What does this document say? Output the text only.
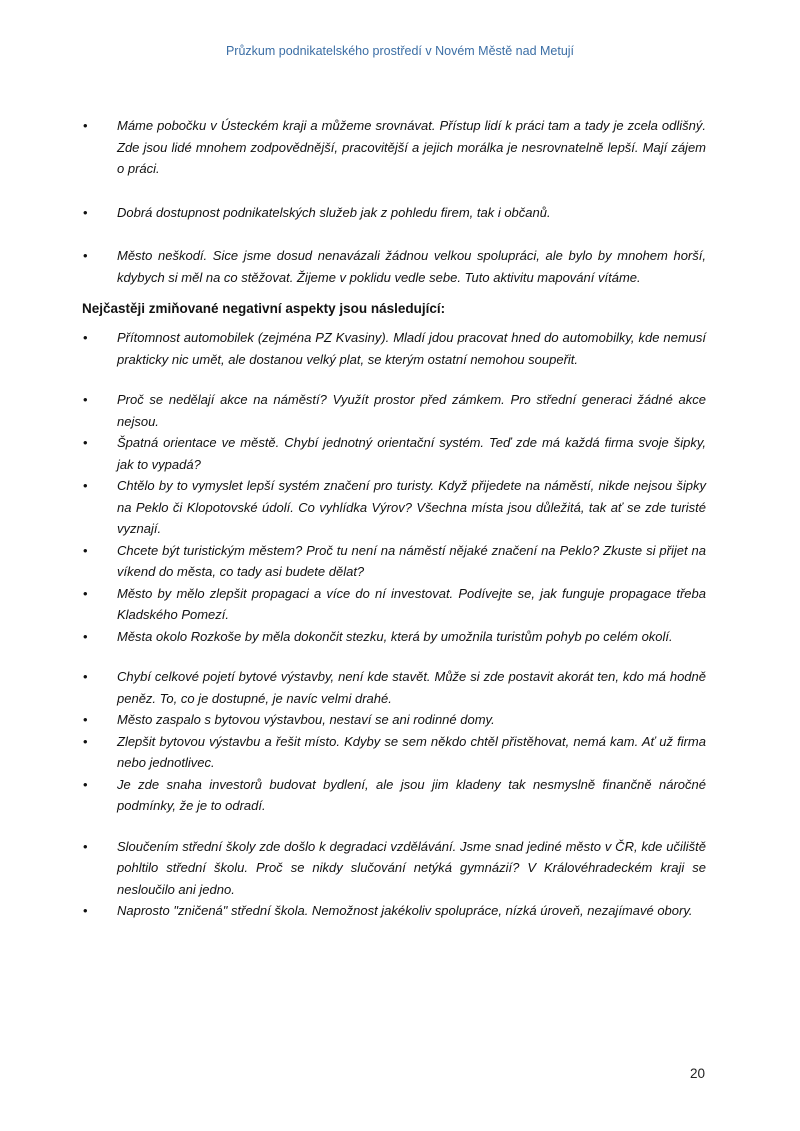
Průzkum podnikatelského prostředí v Novém Městě nad Metují
• Máme pobočku v Ústeckém kraji a můžeme srovnávat. Přístup lidí k práci tam a tady je zcela odlišný. Zde jsou lidé mnohem zodpovědnější, pracovitější a jejich morálka je nesrovnatelně lepší. Mají zájem o práci.
• Dobrá dostupnost podnikatelských služeb jak z pohledu firem, tak i občanů.
• Město neškodí. Sice jsme dosud nenavázali žádnou velkou spolupráci, ale bylo by mnohem horší, kdybych si měl na co stěžovat. Žijeme v poklidu vedle sebe. Tuto aktivitu mapování vítáme.

Nejčastěji zmiňované negativní aspekty jsou následující:

• Přítomnost automobilek (zejména PZ Kvasiny). Mladí jdou pracovat hned do automobilky, kde nemusí prakticky nic umět, ale dostanou velký plat, se kterým ostatní nemohou soupeřit.
• Proč se nedělají akce na náměstí? Využít prostor před zámkem. Pro střední generaci žádné akce nejsou.
• Špatná orientace ve městě. Chybí jednotný orientační systém. Teď zde má každá firma svoje šipky, jak to vypadá?
• Chtělo by to vymyslet lepší systém značení pro turisty. Když přijedete na náměstí, nikde nejsou šipky na Peklo či Klopotovské údolí. Co vyhlídka Výrov? Všechna místa jsou důležitá, tak ať se zde turisté vyznají.
• Chcete být turistickým městem? Proč tu není na náměstí nějaké značení na Peklo? Zkuste si přijet na víkend do města, co tady asi budete dělat?
• Město by mělo zlepšit propagaci a více do ní investovat. Podívejte se, jak funguje propagace třeba Kladského Pomezí.
• Města okolo Rozkoše by měla dokončit stezku, která by umožnila turistům pohyb po celém okolí.
• Chybí celkové pojetí bytové výstavby, není kde stavět. Může si zde postavit akorát ten, kdo má hodně peněz. To, co je dostupné, je navíc velmi drahé.
• Město zaspalo s bytovou výstavbou, nestaví se ani rodinné domy.
• Zlepšit bytovou výstavbu a řešit místo. Kdyby se sem někdo chtěl přistěhovat, nemá kam. Ať už firma nebo jednotlivec.
• Je zde snaha investorů budovat bydlení, ale jsou jim kladeny tak nesmyslně finančně náročné podmínky, že je to odradí.
• Sloučením střední školy zde došlo k degradaci vzdělávání. Jsme snad jediné město v ČR, kde učiliště pohltilo střední školu. Proč se nikdy slučování netýká gymnázií? V Královéhradeckém kraji se nesloučilo ani jedno.
• Naprosto "zničená" střední škola. Nemožnost jakékoliv spolupráce, nízká úroveň, nezajímavé obory.
20
